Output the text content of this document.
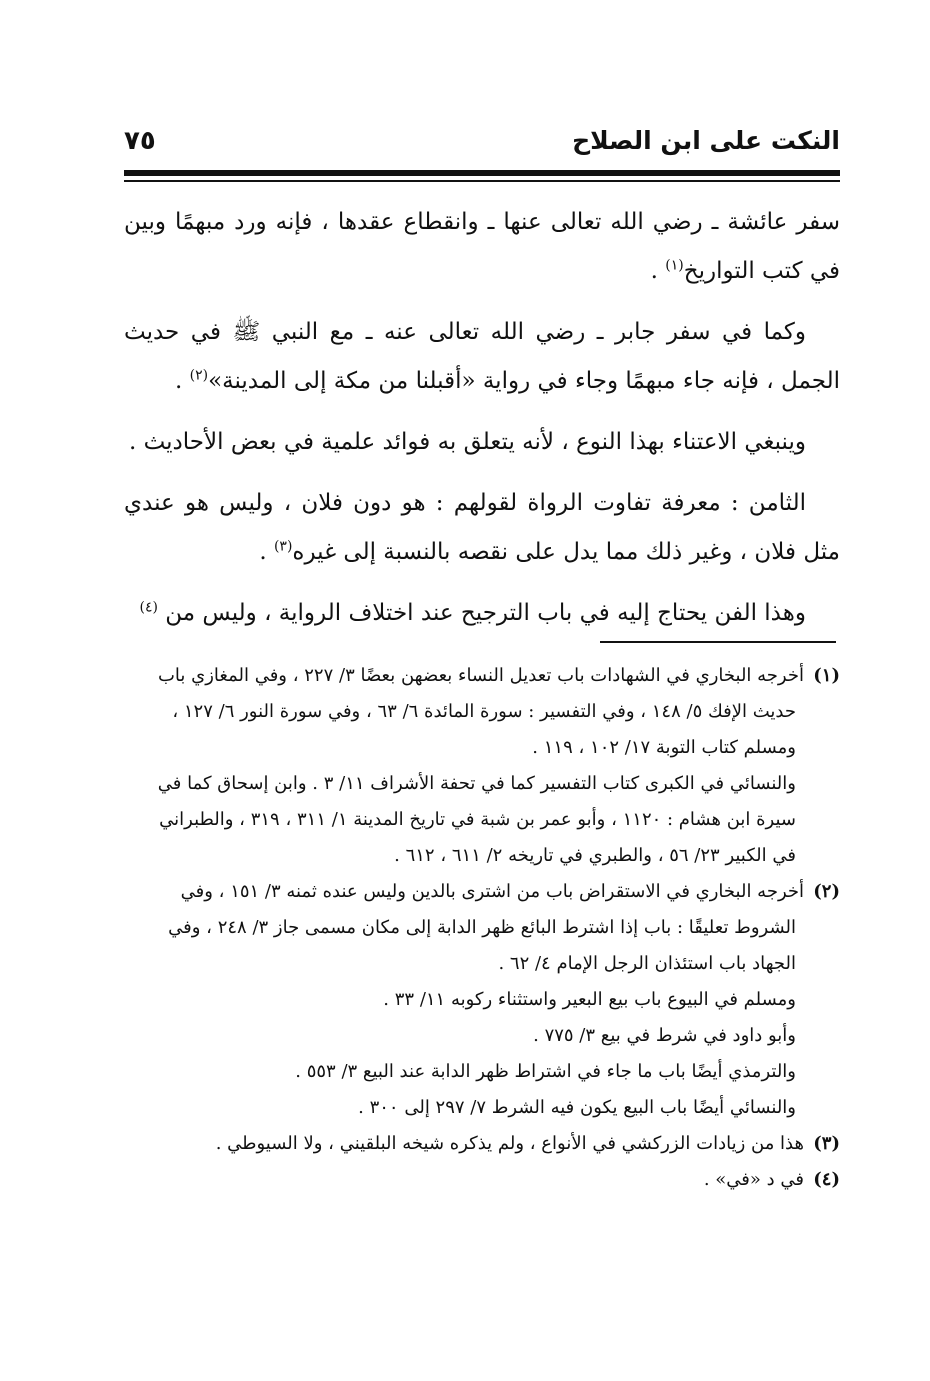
النكت على ابن الصلاح
٧٥

سفر عائشة ـ رضي الله تعالى عنها ـ وانقطاع عقدها ، فإنه ورد مبهمًا وبين في كتب التواريخ$^{(١)}$ .

وكما في سفر جابر ـ رضي الله تعالى عنه ـ مع النبي ﷺ في حديث الجمل ، فإنه جاء مبهمًا وجاء في رواية «أقبلنا من مكة إلى المدينة»$^{(٢)}$ .

وينبغي الاعتناء بهذا النوع ، لأنه يتعلق به فوائد علمية في بعض الأحاديث .

الثامن : معرفة تفاوت الرواة لقولهم : هو دون فلان ، وليس هو عندي مثل فلان ، وغير ذلك مما يدل على نقصه بالنسبة إلى غيره$^{(٣)}$ .

وهذا الفن يحتاج إليه في باب الترجيح عند اختلاف الرواية ، وليس من $^{(٤)}$

(١)أخرجه البخاري في الشهادات باب تعديل النساء بعضهن بعضًا ٣/ ٢٢٧ ، وفي المغازي باب
حديث الإفك ٥/ ١٤٨ ، وفي التفسير : سورة المائدة ٦/ ٦٣ ، وفي سورة النور ٦/ ١٢٧ ،
ومسلم كتاب التوبة ١٧/ ١٠٢ ، ١١٩ .
والنسائي في الكبرى كتاب التفسير كما في تحفة الأشراف ١١/ ٣ . وابن إسحاق كما في
سيرة ابن هشام : ١١٢٠ ، وأبو عمر بن شبة في تاريخ المدينة ١/ ٣١١ ، ٣١٩ ، والطبراني
في الكبير ٢٣/ ٥٦ ، والطبري في تاريخه ٢/ ٦١١ ، ٦١٢ .
(٢)أخرجه البخاري في الاستقراض باب من اشترى بالدين وليس عنده ثمنه ٣/ ١٥١ ، وفي
الشروط تعليقًا : باب إذا اشترط البائع ظهر الدابة إلى مكان مسمى جاز ٣/ ٢٤٨ ، وفي
الجهاد باب استئذان الرجل الإمام ٤/ ٦٢ .
ومسلم في البيوع باب بيع البعير واستثناء ركوبه ١١/ ٣٣ .
وأبو داود في شرط في بيع ٣/ ٧٧٥ .
والترمذي أيضًا باب ما جاء في اشتراط ظهر الدابة عند البيع ٣/ ٥٥٣ .
والنسائي أيضًا باب البيع يكون فيه الشرط ٧/ ٢٩٧ إلى ٣٠٠ .
(٣)هذا من زيادات الزركشي في الأنواع ، ولم يذكره شيخه البلقيني ، ولا السيوطي .
(٤)في د «في» .
